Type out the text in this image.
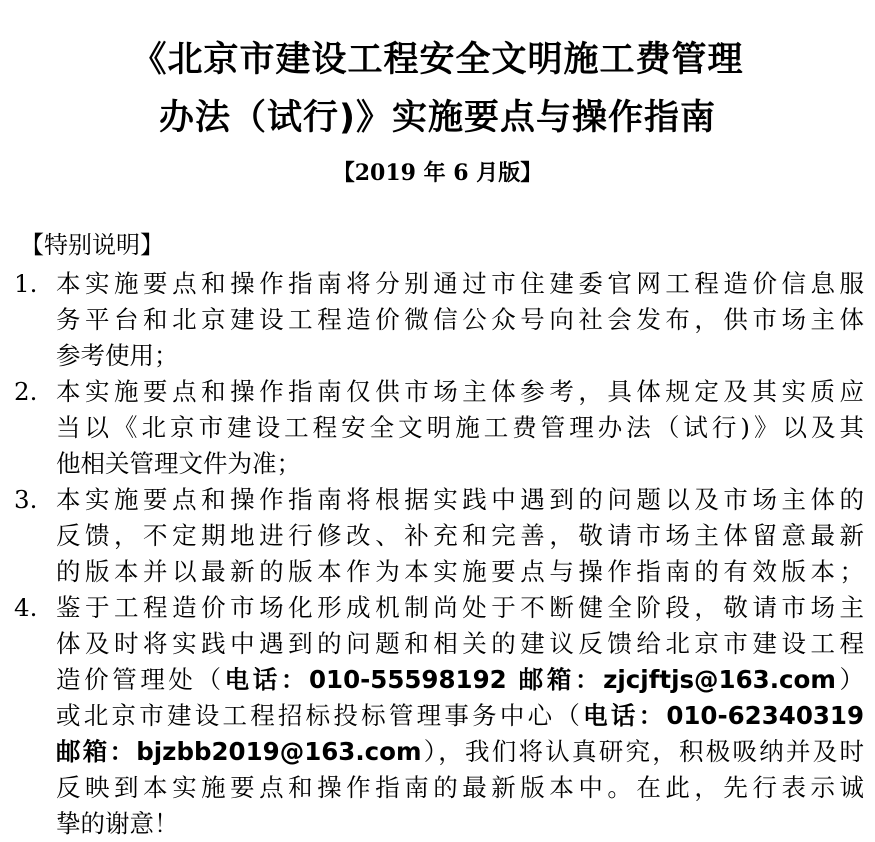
《北京市建设工程安全文明施工费管理
办法（试行)》实施要点与操作指南
【2019 年 6 月版】
【特别说明】
1. 本实施要点和操作指南将分别通过市住建委官网工程造价信息服
务平台和北京建设工程造价微信公众号向社会发布，供市场主体
参考使用；
2. 本实施要点和操作指南仅供市场主体参考，具体规定及其实质应
当以《北京市建设工程安全文明施工费管理办法（试行)》以及其
他相关管理文件为准；
3. 本实施要点和操作指南将根据实践中遇到的问题以及市场主体的
反馈，不定期地进行修改、补充和完善，敬请市场主体留意最新
的版本并以最新的版本作为本实施要点与操作指南的有效版本；
4. 鉴于工程造价市场化形成机制尚处于不断健全阶段，敬请市场主
体及时将实践中遇到的问题和相关的建议反馈给北京市建设工程
造价管理处（电话：010-55598192 邮箱：zjcjftjs@163.com）
或北京市建设工程招标投标管理事务中心（电话：010-62340319
邮箱：bjzbb2019@163.com），我们将认真研究，积极吸纳并及时
反映到本实施要点和操作指南的最新版本中。在此，先行表示诚
挚的谢意！
